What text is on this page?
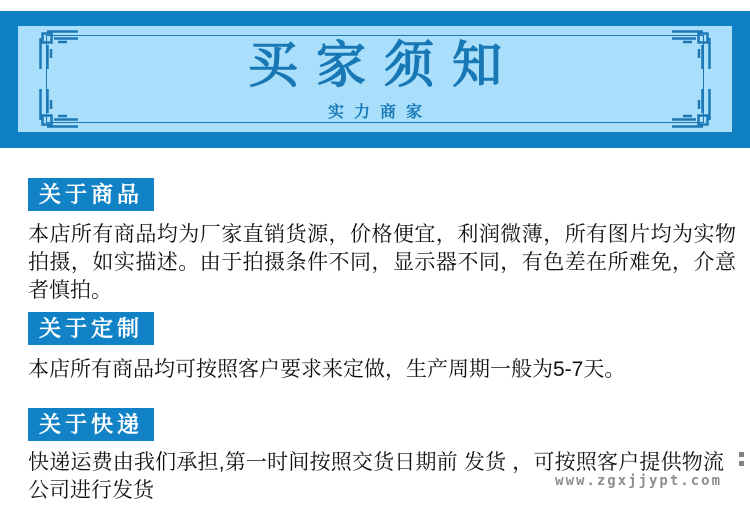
买家须知
实力商家
关于商品
本店所有商品均为厂家直销货源，价格便宜，利润微薄，所有图片均为实物拍摄，如实描述。由于拍摄条件不同，显示器不同，有色差在所难免，介意者慎拍。
关于定制
本店所有商品均可按照客户要求来定做，生产周期一般为5-7天。
关于快递
快递运费由我们承担,第一时间按照交货日期前 发货 ，可按照客户提供物流公司进行发货	www.zgxjjypt.com
